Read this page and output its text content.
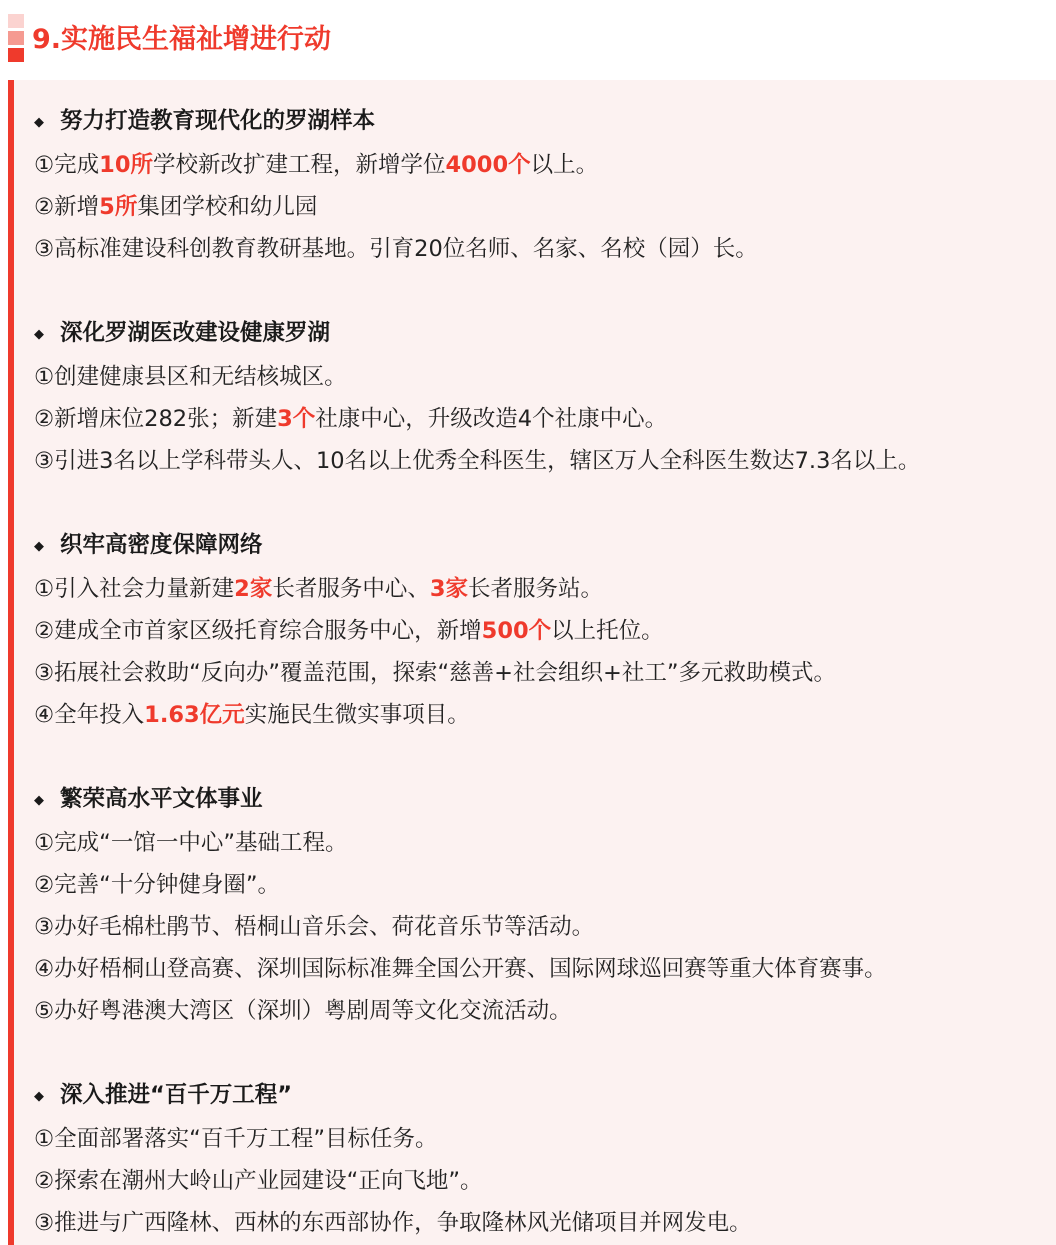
9.实施民生福祉增进行动
◆ 努力打造教育现代化的罗湖样本
①完成10所学校新改扩建工程，新增学位4000个以上。
②新增5所集团学校和幼儿园
③高标准建设科创教育教研基地。引育20位名师、名家、名校（园）长。
◆ 深化罗湖医改建设健康罗湖
①创建健康县区和无结核城区。
②新增床位282张；新建3个社康中心，升级改造4个社康中心。
③引进3名以上学科带头人、10名以上优秀全科医生，辖区万人全科医生数达7.3名以上。
◆ 织牢高密度保障网络
①引入社会力量新建2家长者服务中心、3家长者服务站。
②建成全市首家区级托育综合服务中心，新增500个以上托位。
③拓展社会救助“反向办”覆盖范围，探索“慈善+社会组织+社工”多元救助模式。
④全年投入1.63亿元实施民生微实事项目。
◆ 繁荣高水平文体事业
①完成“一馆一中心”基础工程。
②完善“十分钟健身圈”。
③办好毛棉杜鹃节、梧桐山音乐会、荷花音乐节等活动。
④办好梧桐山登高赛、深圳国际标准舞全国公开赛、国际网球巡回赛等重大体育赛事。
⑤办好粤港澳大湾区（深圳）粤剧周等文化交流活动。
◆ 深入推进“百千万工程”
①全面部署落实“百千万工程”目标任务。
②探索在潮州大岭山产业园建设“正向飞地”。
③推进与广西隆林、西林的东西部协作，争取隆林风光储项目并网发电。
